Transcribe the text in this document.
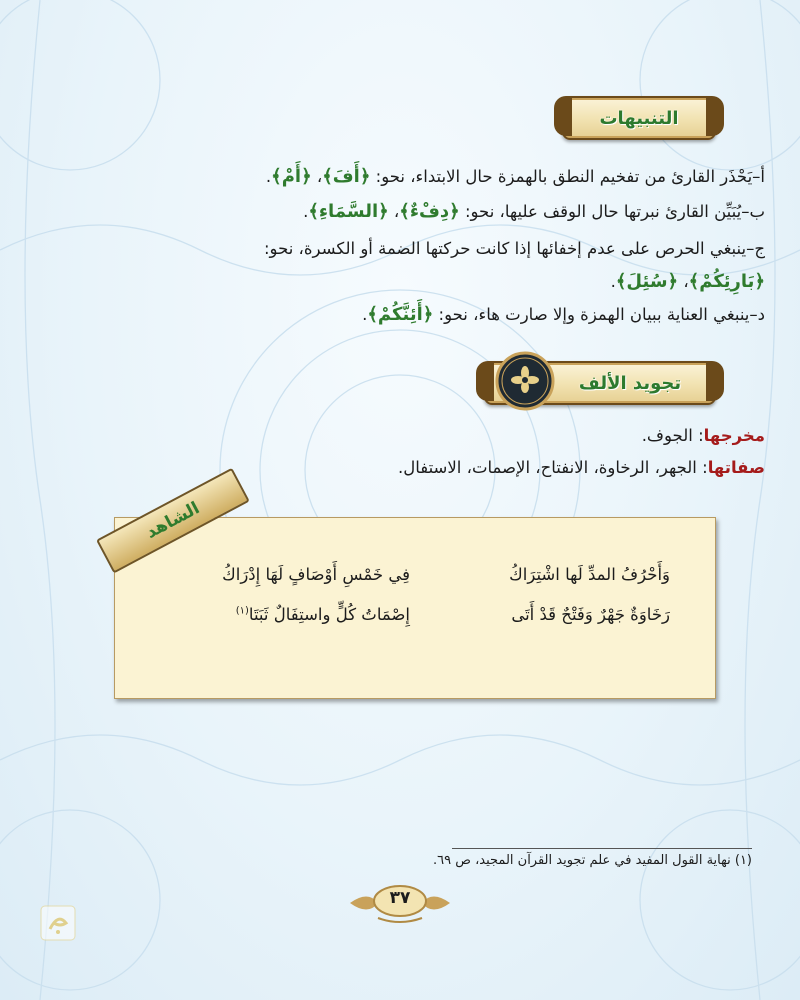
التنبيهات
أ–يَحْذَر القارئ من تفخيم النطق بالهمزة حال الابتداء، نحو: ﴿أَفَ﴾، ﴿أَمْ﴾.
ب–يُبَيِّن القارئ نبرتها حال الوقف عليها، نحو: ﴿دِفْءٌ﴾، ﴿السَّمَاءِ﴾.
ج–ينبغي الحرص على عدم إخفائها إذا كانت حركتها الضمة أو الكسرة، نحو:
﴿بَارِئِكُمْ﴾، ﴿سُئِلَ﴾.
د–ينبغي العناية ببيان الهمزة وإلا صارت هاء، نحو: ﴿أَئِنَّكُمْ﴾.
تجويد الألف
مخرجها: الجوف.
صفاتها: الجهر، الرخاوة، الانفتاح، الإصمات، الاستفال.
الشاهد
وَأَحْرُفُ المدِّ لَها اشْتِرَاكُ
فِي خَمْسِ أَوْصَافٍ لَهَا إِدْرَاكُ
رَخَاوَةٌ جَهْرٌ وَفَتْحٌ قَدْ أَتَى
إِصْمَاتُ كُلٍّ واستِفَالٌ ثَبَتَا$^{(١)}$
(١) نهاية القول المفيد في علم تجويد القرآن المجيد، ص ٦٩.
٣٧
